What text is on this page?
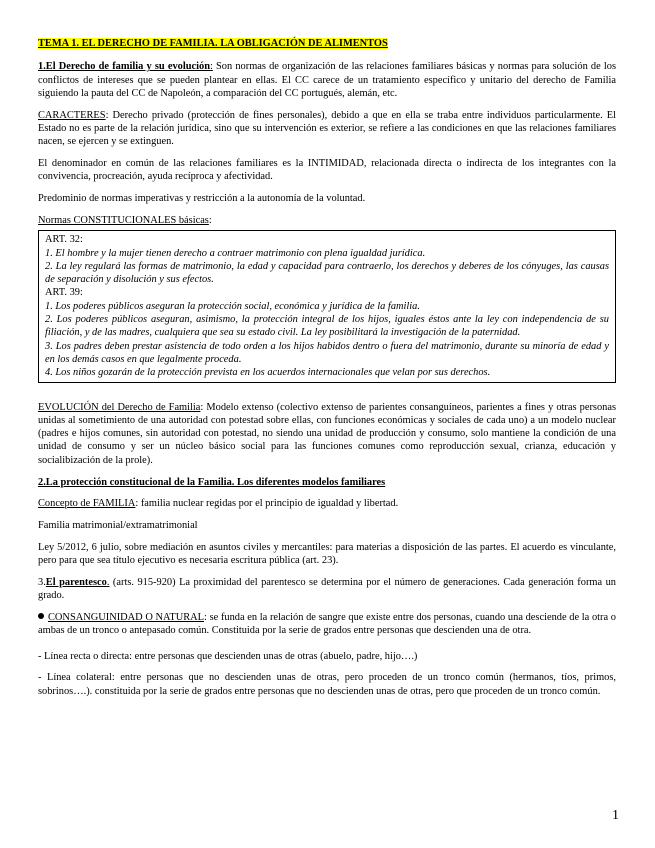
TEMA 1. EL DERECHO DE FAMILIA. LA OBLIGACIÓN DE ALIMENTOS

1.El Derecho de familia y su evolución: Son normas de organización de las relaciones familiares básicas y normas para solución de los conflictos de intereses que se pueden plantear en ellas. El CC carece de un tratamiento específico y unitario del derecho de Familia siguiendo la pauta del CC de Napoleón, a comparación del CC portugués, alemán, etc.

CARACTERES: Derecho privado (protección de fines personales), debido a que en ella se traba entre individuos particularmente. El Estado no es parte de la relación jurídica, sino que su intervención es exterior, se refiere a las condiciones en que las relaciones familiares nacen, se ejercen y se extinguen.

El denominador en común de las relaciones familiares es la INTIMIDAD, relacionada directa o indirecta de los integrantes con la convivencia, procreación, ayuda recíproca y afectividad.

Predominio de normas imperativas y restricción a la autonomía de la voluntad.

Normas CONSTITUCIONALES básicas:

ART. 32:

1. El hombre y la mujer tienen derecho a contraer matrimonio con plena igualdad jurídica.

2. La ley regulará las formas de matrimonio, la edad y capacidad para contraerlo, los derechos y deberes de los cónyuges, las causas de separación y disolución y sus efectos.

ART. 39:

1. Los poderes públicos aseguran la protección social, económica y jurídica de la familia.

2. Los poderes públicos aseguran, asimismo, la protección integral de los hijos, iguales éstos ante la ley con independencia de su filiación, y de las madres, cualquiera que sea su estado civil. La ley posibilitará la investigación de la paternidad.

3. Los padres deben prestar asistencia de todo orden a los hijos habidos dentro o fuera del matrimonio, durante su minoría de edad y en los demás casos en que legalmente proceda.

4. Los niños gozarán de la protección prevista en los acuerdos internacionales que velan por sus derechos.

EVOLUCIÓN del Derecho de Familia: Modelo extenso (colectivo extenso de parientes consanguíneos, parientes a fines y otras personas unidas al sometimiento de una autoridad con potestad sobre ellas, con funciones económicas y sociales de cada uno) a un modelo nuclear (padres e hijos comunes, sin autoridad con potestad, no siendo una unidad de producción y consumo, solo mantiene la condición de una unidad de consumo y ser un núcleo básico social para las funciones comunes como reproducción sexual, crianza, educación y socialibización de la prole).

2.La protección constitucional de la Familia. Los diferentes modelos familiares

Concepto de FAMILIA: familia nuclear regidas por el principio de igualdad y libertad.

Familia matrimonial/extramatrimonial

Ley 5/2012, 6 julio, sobre mediación en asuntos civiles y mercantiles: para materias a disposición de las partes. El acuerdo es vinculante, pero para que sea título ejecutivo es necesaria escritura pública (art. 23).

3.El parentesco. (arts. 915-920) La proximidad del parentesco se determina por el número de generaciones. Cada generación forma un grado.

CONSANGUINIDAD O NATURAL: se funda en la relación de sangre que existe entre dos personas, cuando una desciende de la otra o ambas de un tronco o antepasado común. Constituida por la serie de grados entre personas que descienden una de otra.

- Línea recta o directa: entre personas que descienden unas de otras (abuelo, padre, hijo….)

- Línea colateral: entre personas que no descienden unas de otras, pero proceden de un tronco común (hermanos, tíos, primos, sobrinos….). constituida por la serie de grados entre personas que no descienden unas de otras, pero que proceden de un tronco común.

1
